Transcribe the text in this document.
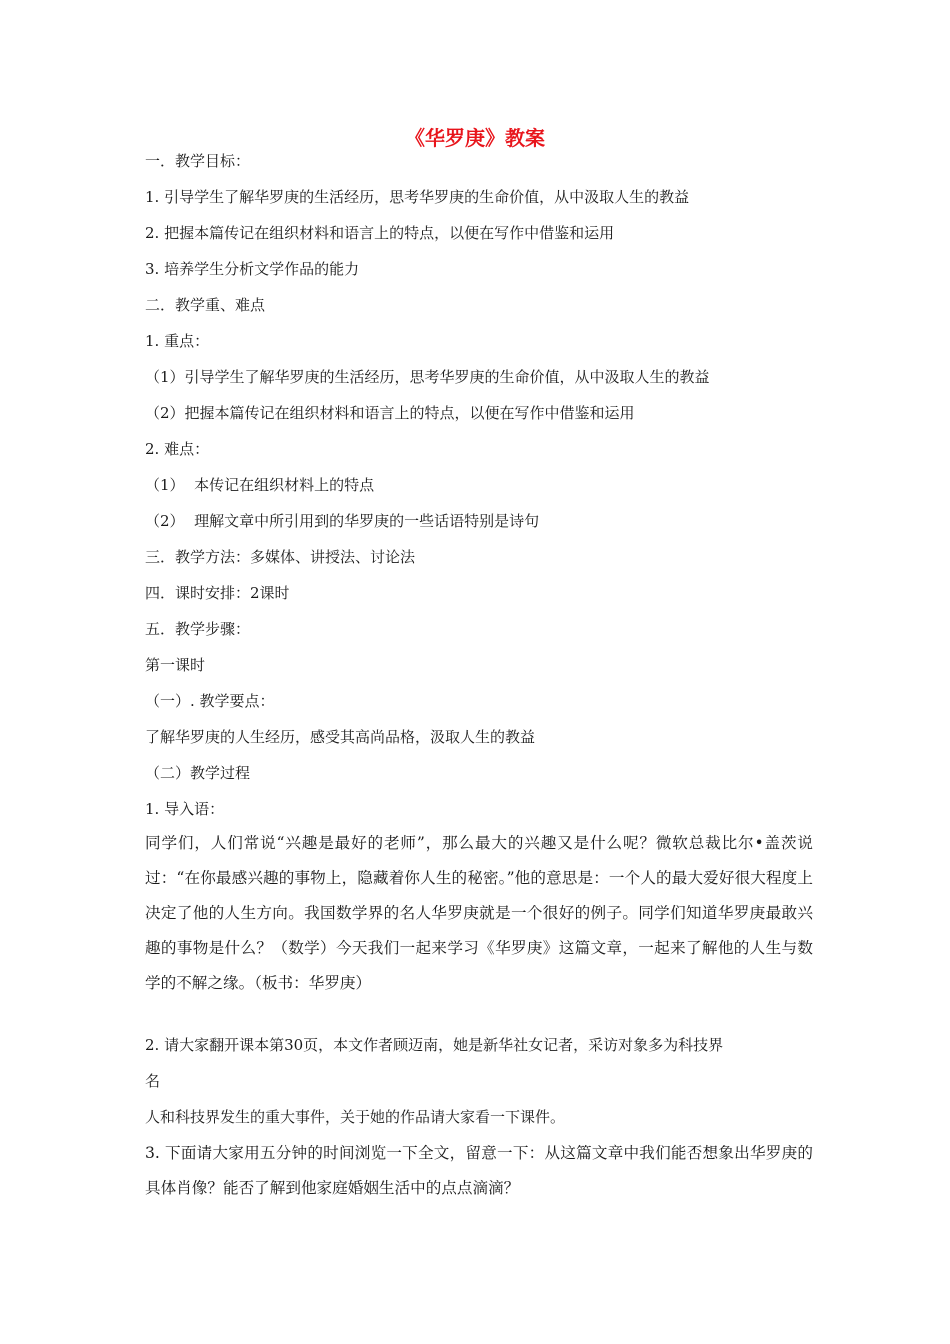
《华罗庚》教案
一．教学目标：
1. 引导学生了解华罗庚的生活经历，思考华罗庚的生命价值，从中汲取人生的教益
2. 把握本篇传记在组织材料和语言上的特点，以便在写作中借鉴和运用
3. 培养学生分析文学作品的能力
二．教学重、难点
1. 重点：
（1）引导学生了解华罗庚的生活经历，思考华罗庚的生命价值，从中汲取人生的教益
（2）把握本篇传记在组织材料和语言上的特点，以便在写作中借鉴和运用
2. 难点：
（1）  本传记在组织材料上的特点
（2）  理解文章中所引用到的华罗庚的一些话语特别是诗句
三．教学方法：多媒体、讲授法、讨论法
四．课时安排：2课时
五．教学步骤：
第一课时
（一）. 教学要点：
了解华罗庚的人生经历，感受其高尚品格，汲取人生的教益
（二）教学过程
1. 导入语：

同学们，人们常说“兴趣是最好的老师”，那么最大的兴趣又是什么呢？微软总裁比尔•盖茨说过：“在你最感兴趣的事物上，隐藏着你人生的秘密。”他的意思是：一个人的最大爱好很大程度上决定了他的人生方向。我国数学界的名人华罗庚就是一个很好的例子。同学们知道华罗庚最敢兴趣的事物是什么？（数学）今天我们一起来学习《华罗庚》这篇文章，一起来了解他的人生与数学的不解之缘。（板书：华罗庚）

2. 请大家翻开课本第30页，本文作者顾迈南，她是新华社女记者，采访对象多为科技界
名
人和科技界发生的重大事件，关于她的作品请大家看一下课件。

3. 下面请大家用五分钟的时间浏览一下全文，留意一下：从这篇文章中我们能否想象出华罗庚的具体肖像？能否了解到他家庭婚姻生活中的点点滴滴？
